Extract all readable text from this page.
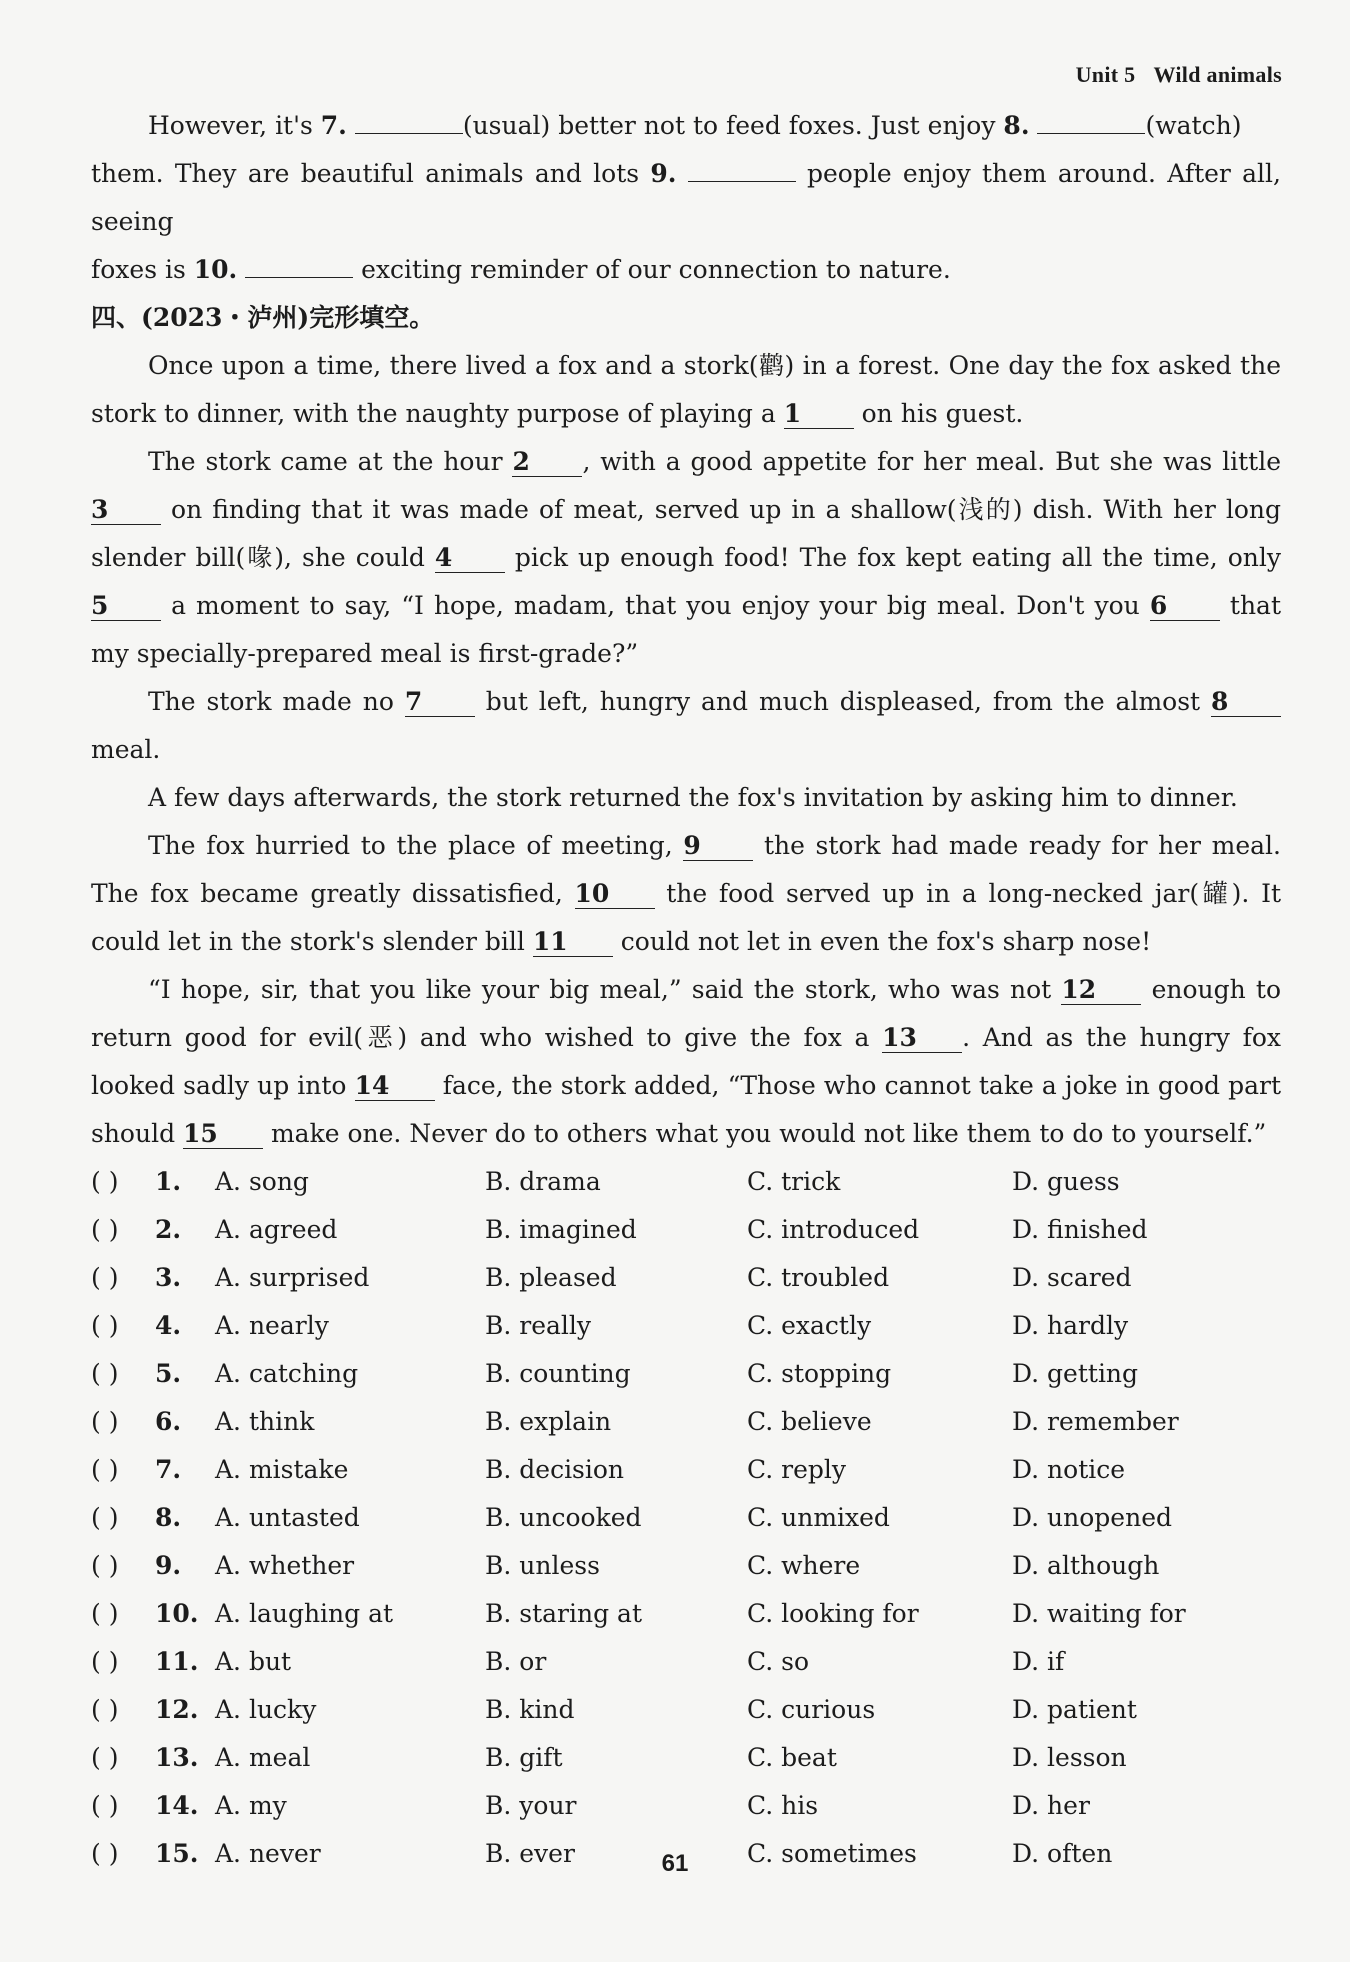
Unit 5 Wild animals
However, it's 7.	(usual) better not to feed foxes. Just enjoy 8.	(watch)
them. They are beautiful animals and lots 9.	people enjoy them around. After all, seeing
foxes is 10.	exciting reminder of our connection to nature.
四、(2023・泸州)完形填空。
Once upon a time, there lived a fox and a stork(鹳) in a forest. One day the fox asked the stork to dinner, with the naughty purpose of playing a 1 on his guest.
The stork came at the hour 2 , with a good appetite for her meal. But she was little 3 on finding that it was made of meat, served up in a shallow(浅的) dish. With her long slender bill(喙), she could 4 pick up enough food! The fox kept eating all the time, only 5 a moment to say, “I hope, madam, that you enjoy your big meal. Don't you 6 that my specially-prepared meal is first-grade?”
The stork made no 7 but left, hungry and much displeased, from the almost 8 meal.
A few days afterwards, the stork returned the fox's invitation by asking him to dinner.
The fox hurried to the place of meeting, 9 the stork had made ready for her meal. The fox became greatly dissatisfied, 10 the food served up in a long-necked jar(罐). It could let in the stork's slender bill 11 could not let in even the fox's sharp nose!
“I hope, sir, that you like your big meal,” said the stork, who was not 12 enough to return good for evil(恶) and who wished to give the fox a 13 . And as the hungry fox looked sadly up into 14 face, the stork added, “Those who cannot take a joke in good part should 15 make one. Never do to others what you would not like them to do to yourself.”
( ) 1. A. song	B. drama	C. trick	D. guess
( ) 2. A. agreed	B. imagined	C. introduced	D. finished
( ) 3. A. surprised	B. pleased	C. troubled	D. scared
( ) 4. A. nearly	B. really	C. exactly	D. hardly
( ) 5. A. catching	B. counting	C. stopping	D. getting
( ) 6. A. think	B. explain	C. believe	D. remember
( ) 7. A. mistake	B. decision	C. reply	D. notice
( ) 8. A. untasted	B. uncooked	C. unmixed	D. unopened
( ) 9. A. whether	B. unless	C. where	D. although
( ) 10. A. laughing at	B. staring at	C. looking for	D. waiting for
( ) 11. A. but	B. or	C. so	D. if
( ) 12. A. lucky	B. kind	C. curious	D. patient
( ) 13. A. meal	B. gift	C. beat	D. lesson
( ) 14. A. my	B. your	C. his	D. her
( ) 15. A. never	B. ever	C. sometimes	D. often
61
